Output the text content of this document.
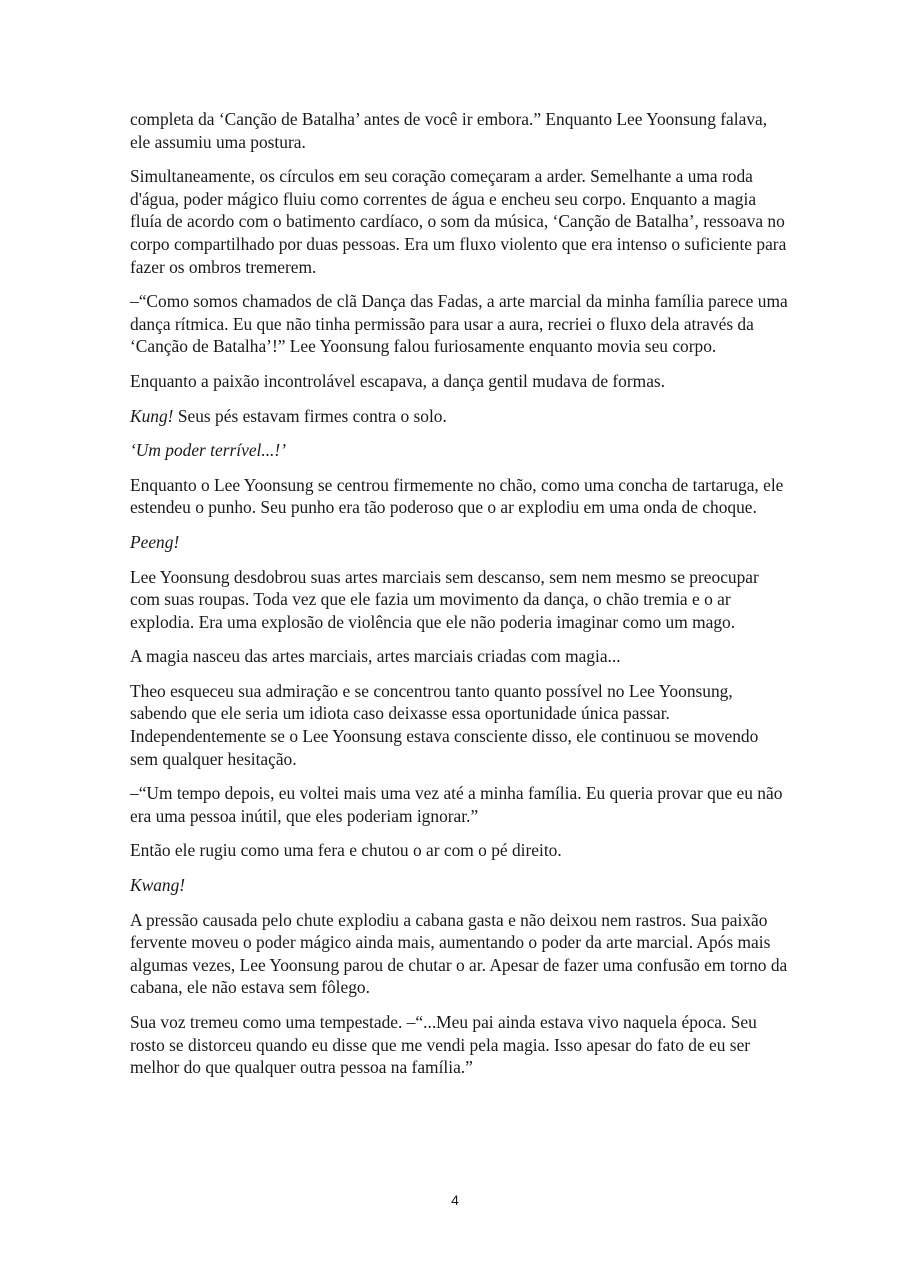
completa da ‘Canção de Batalha’ antes de você ir embora.” Enquanto Lee Yoonsung falava, ele assumiu uma postura.

Simultaneamente, os círculos em seu coração começaram a arder. Semelhante a uma roda d'água, poder mágico fluiu como correntes de água e encheu seu corpo. Enquanto a magia fluía de acordo com o batimento cardíaco, o som da música, ‘Canção de Batalha’, ressoava no corpo compartilhado por duas pessoas. Era um fluxo violento que era intenso o suficiente para fazer os ombros tremerem.

–“Como somos chamados de clã Dança das Fadas, a arte marcial da minha família parece uma dança rítmica. Eu que não tinha permissão para usar a aura, recriei o fluxo dela através da ‘Canção de Batalha’!” Lee Yoonsung falou furiosamente enquanto movia seu corpo.

Enquanto a paixão incontrolável escapava, a dança gentil mudava de formas.

Kung! Seus pés estavam firmes contra o solo.

‘Um poder terrível...!’

Enquanto o Lee Yoonsung se centrou firmemente no chão, como uma concha de tartaruga, ele estendeu o punho. Seu punho era tão poderoso que o ar explodiu em uma onda de choque.

Peeng!

Lee Yoonsung desdobrou suas artes marciais sem descanso, sem nem mesmo se preocupar com suas roupas. Toda vez que ele fazia um movimento da dança, o chão tremia e o ar explodia. Era uma explosão de violência que ele não poderia imaginar como um mago.

A magia nasceu das artes marciais, artes marciais criadas com magia...

Theo esqueceu sua admiração e se concentrou tanto quanto possível no Lee Yoonsung, sabendo que ele seria um idiota caso deixasse essa oportunidade única passar. Independentemente se o Lee Yoonsung estava consciente disso, ele continuou se movendo sem qualquer hesitação.

–“Um tempo depois, eu voltei mais uma vez até a minha família. Eu queria provar que eu não era uma pessoa inútil, que eles poderiam ignorar.”

Então ele rugiu como uma fera e chutou o ar com o pé direito.

Kwang!

A pressão causada pelo chute explodiu a cabana gasta e não deixou nem rastros. Sua paixão fervente moveu o poder mágico ainda mais, aumentando o poder da arte marcial. Após mais algumas vezes, Lee Yoonsung parou de chutar o ar. Apesar de fazer uma confusão em torno da cabana, ele não estava sem fôlego.

Sua voz tremeu como uma tempestade. –“...Meu pai ainda estava vivo naquela época. Seu rosto se distorceu quando eu disse que me vendi pela magia. Isso apesar do fato de eu ser melhor do que qualquer outra pessoa na família.”

4
